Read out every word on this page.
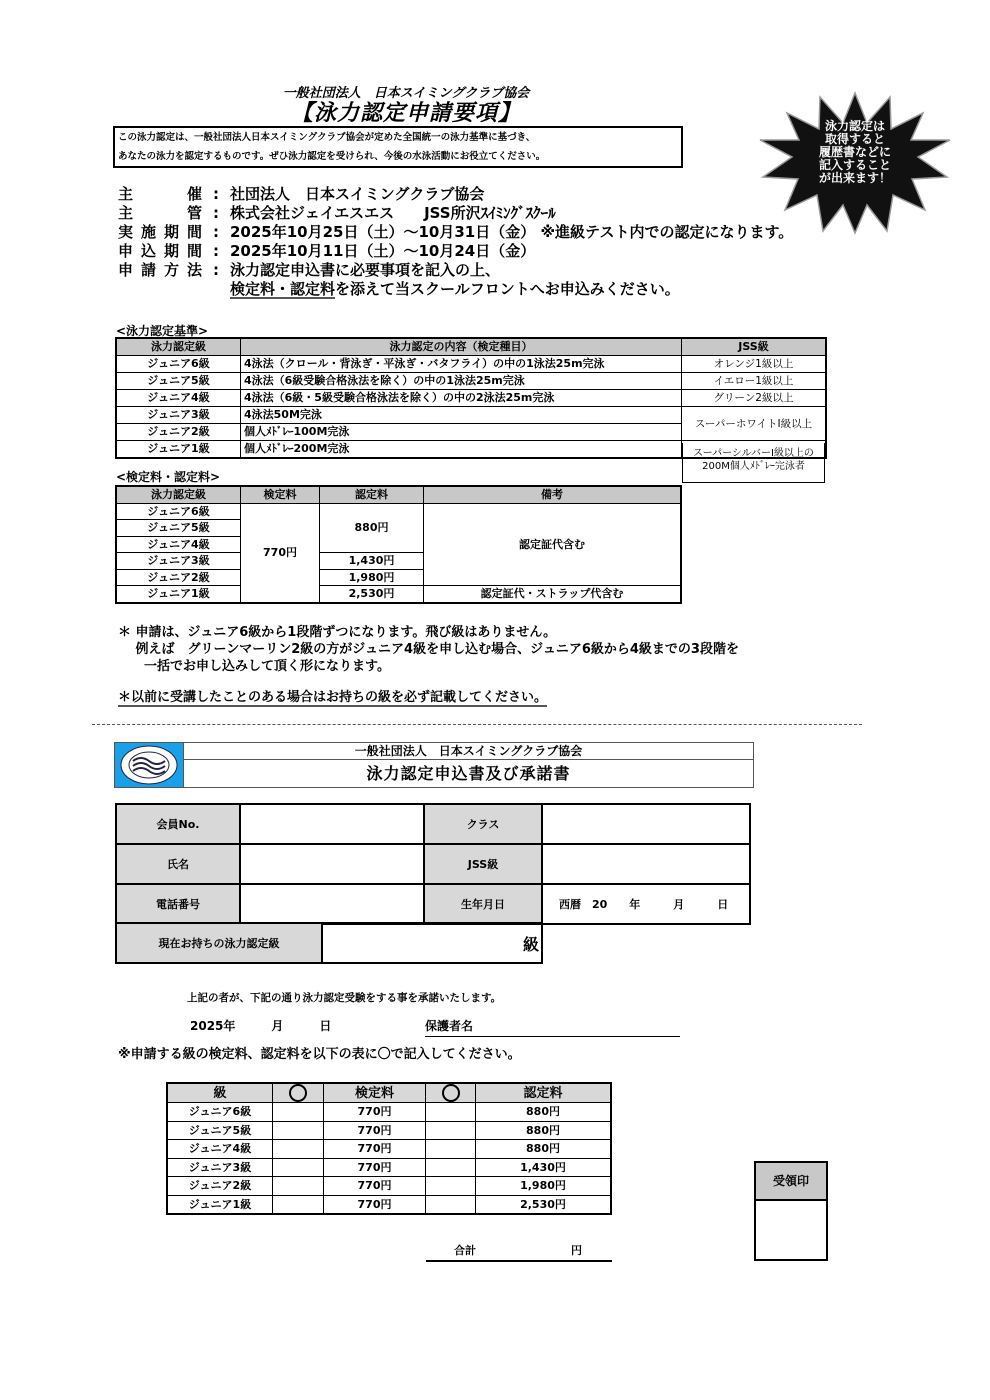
一般社団法人　日本スイミングクラブ協会
【泳力認定申請要項】
この泳力認定は、一般社団法人日本スイミングクラブ協会が定めた全国統一の泳力基準に基づき、
あなたの泳力を認定するものです。ぜひ泳力認定を受けられ、今後の水泳活動にお役立てください。
泳力認定は
取得すると
履歴書などに
記入すること
が出来ます！
主　催 : 社団法人　日本スイミングクラブ協会
主　管 : 株式会社ジェイエスエス　　JSS所沢ｽｲﾐﾝｸﾞｽｸｰﾙ
実施期間 : 2025年10月25日（土）～10月31日（金） ※進級テスト内での認定になります。
申込期間 : 2025年10月11日（土）～10月24日（金）
申請方法 : 泳力認定申込書に必要事項を記入の上、
検定料・認定料 を添えて当スクールフロントへお申込みください。
<泳力認定基準>
泳力認定級	泳力認定の内容（検定種目）	JSS級
ジュニア6級	4泳法（クロール・背泳ぎ・平泳ぎ・バタフライ）の中の1泳法25m完泳	オレンジ1級以上
ジュニア5級	4泳法（6級受験合格泳法を除く）の中の1泳法25m完泳	イエロー1級以上
ジュニア4級	4泳法（6級・5級受験合格泳法を除く）の中の2泳法25m完泳	グリーン2級以上
ジュニア3級	4泳法50M完泳	スーパーホワイトⅠ級以上
ジュニア2級	個人ﾒﾄﾞﾚｰ100M完泳	
ジュニア1級	個人ﾒﾄﾞﾚｰ200M完泳		スーパーシルバーⅠ級以上の200M個人ﾒﾄﾞﾚｰ完泳者
<検定料・認定料>
泳力認定級	検定料	認定料	備考
ジュニア6級	770円	880円	認定証代含む
ジュニア5級			
ジュニア4級			
ジュニア3級		1,430円	
ジュニア2級		1,980円	
ジュニア1級		2,530円	認定証代・ストラップ代含む
＊ 申請は、ジュニア6級から1段階ずつになります。飛び級はありません。
　 例えば　グリーンマーリン2級の方がジュニア4級を申し込む場合、ジュニア6級から4級までの3段階を
　　一括でお申し込みして頂く形になります。
＊以前に受講したことのある場合はお持ちの級を必ず記載してください。
一般社団法人　日本スイミングクラブ協会
泳力認定申込書及び承諾書
会員No.		クラス	
氏名		JSS級	
電話番号		生年月日	西暦　20　　年　　　月　　　日
現在お持ちの泳力認定級	級
上記の者が、下記の通り泳力認定受験をする事を承諾いたします。
2025年　　　月　　　日	保護者名
※申請する級の検定料、認定料を以下の表に〇で記入してください。
級		検定料		認定料
ジュニア6級		770円		880円
ジュニア5級		770円		880円
ジュニア4級		770円		880円
ジュニア3級		770円		1,430円
ジュニア2級		770円		1,980円
ジュニア1級		770円		2,530円
合計	円
受領印
